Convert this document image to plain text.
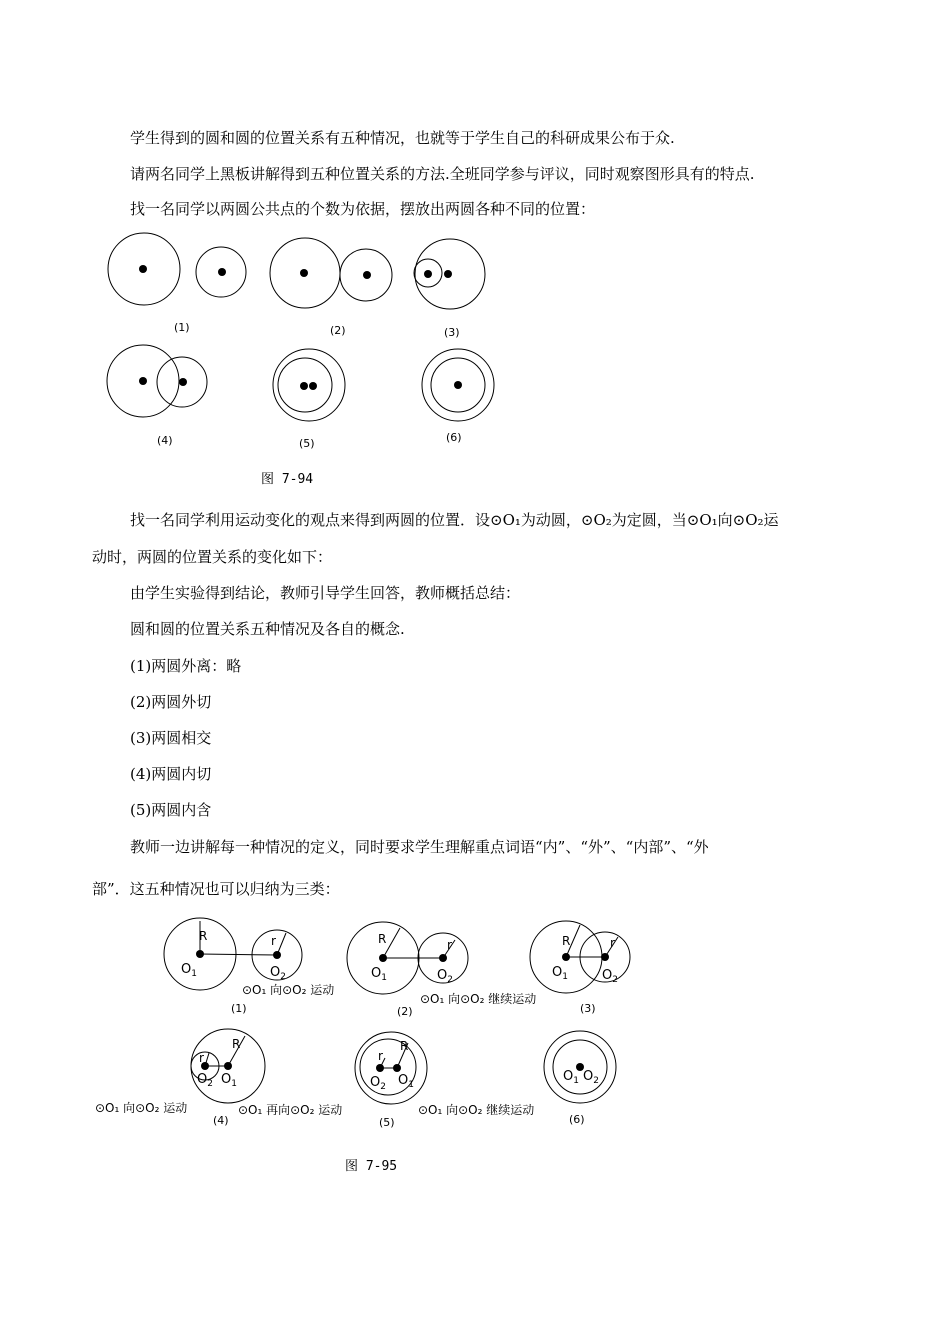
学生得到的圆和圆的位置关系有五种情况，也就等于学生自己的科研成果公布于众.
请两名同学上黑板讲解得到五种位置关系的方法.全班同学参与评议，同时观察图形具有的特点.
找一名同学以两圆公共点的个数为依据，摆放出两圆各种不同的位置：
(1)	(2)	(3)
(4)	(5)	(6)
图 7-94
找一名同学利用运动变化的观点来得到两圆的位置．设⊙O₁为动圆，⊙O₂为定圆，当⊙O₁向⊙O₂运
动时，两圆的位置关系的变化如下：
由学生实验得到结论，教师引导学生回答，教师概括总结：
圆和圆的位置关系五种情况及各自的概念.
(1)两圆外离：略
(2)两圆外切
(3)两圆相交
(4)两圆内切
(5)两圆内含
教师一边讲解每一种情况的定义，同时要求学生理解重点词语“内”、“外”、“内部”、“外
部”．这五种情况也可以归纳为三类：
R	r	R	r	R	r
R
r
R
r
$O_1$	$O_2$	$O_1$	$O_2$	$O_1$	$O_2$
$O_2$ $O_1$	$O_2$ $O_1$
$O_1$ $O_2$
⊙O₁ 向⊙O₂ 运动
⊙O₁ 向⊙O₂ 继续运动
⊙O₁ 向⊙O₂ 运动	⊙O₁ 再向⊙O₂ 运动	⊙O₁ 向⊙O₂ 继续运动
(1)	(2)	(3)
(4)	(5)	(6)
图 7-95
